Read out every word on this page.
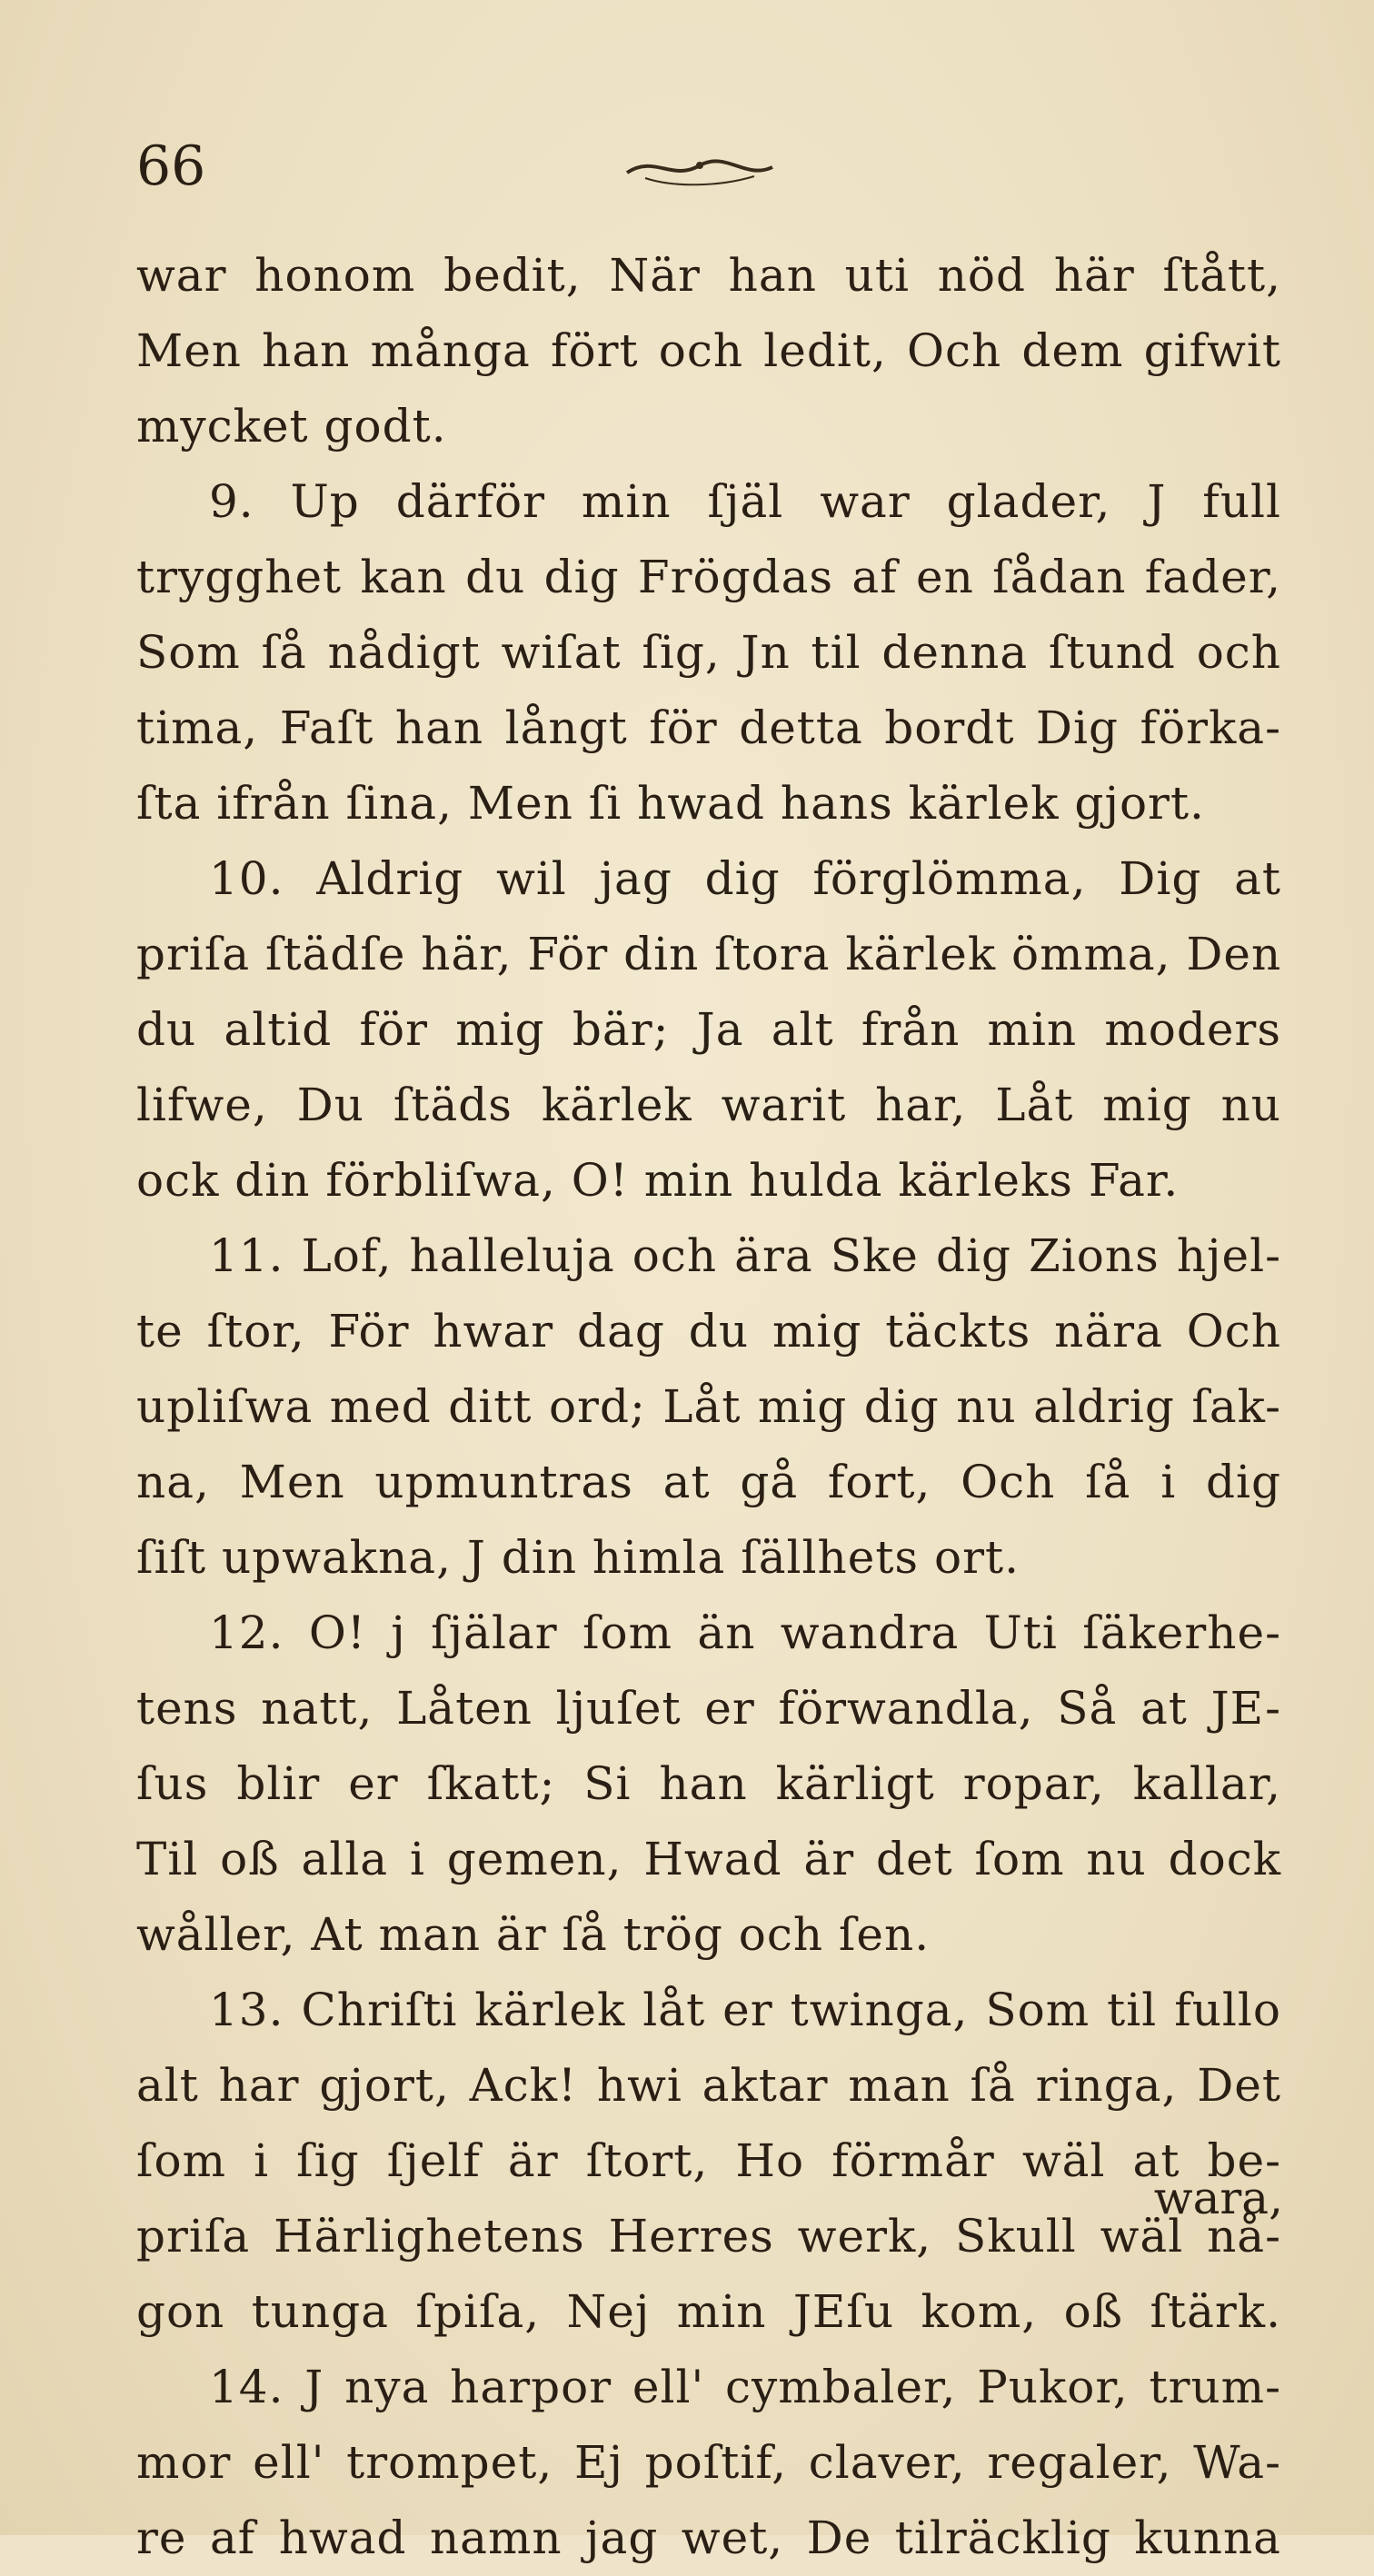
66
war honom bedit, När han uti nöd här ſtått,
Men han många fört och ledit, Och dem gifwit
mycket godt.
9. Up därför min ſjäl war glader, J full
trygghet kan du dig Frögdas af en ſådan fader,
Som ſå nådigt wiſat ſig, Jn til denna ſtund och
tima, Faſt han långt för detta bordt Dig förka-
ſta ifrån ſina, Men ſi hwad hans kärlek gjort.
10. Aldrig wil jag dig förglömma, Dig at
priſa ſtädſe här, För din ſtora kärlek ömma, Den
du altid för mig bär; Ja alt från min moders
lifwe, Du ſtäds kärlek warit har, Låt mig nu
ock din förbliſwa, O! min hulda kärleks Far.
11. Lof, halleluja och ära Ske dig Zions hjel-
te ſtor, För hwar dag du mig täckts nära Och
upliſwa med ditt ord; Låt mig dig nu aldrig ſak-
na, Men upmuntras at gå fort, Och ſå i dig
ſiſt upwakna, J din himla ſällhets ort.
12. O! j ſjälar ſom än wandra Uti ſäkerhe-
tens natt, Låten ljuſet er förwandla, Så at JE-
ſus blir er ſkatt; Si han kärligt ropar, kallar,
Til oß alla i gemen, Hwad är det ſom nu dock
wåller, At man är ſå trög och ſen.
13. Chriſti kärlek låt er twinga, Som til fullo
alt har gjort, Ack! hwi aktar man ſå ringa, Det
ſom i ſig ſjelf är ſtort, Ho förmår wäl at be-
priſa Härlighetens Herres werk, Skull wäl nå-
gon tunga ſpiſa, Nej min JEſu kom, oß ſtärk.
14. J nya harpor ell' cymbaler, Pukor, trum-
mor ell' trompet, Ej poſtif, claver, regaler, Wa-
re af hwad namn jag wet, De tilräcklig kunna
wara,
